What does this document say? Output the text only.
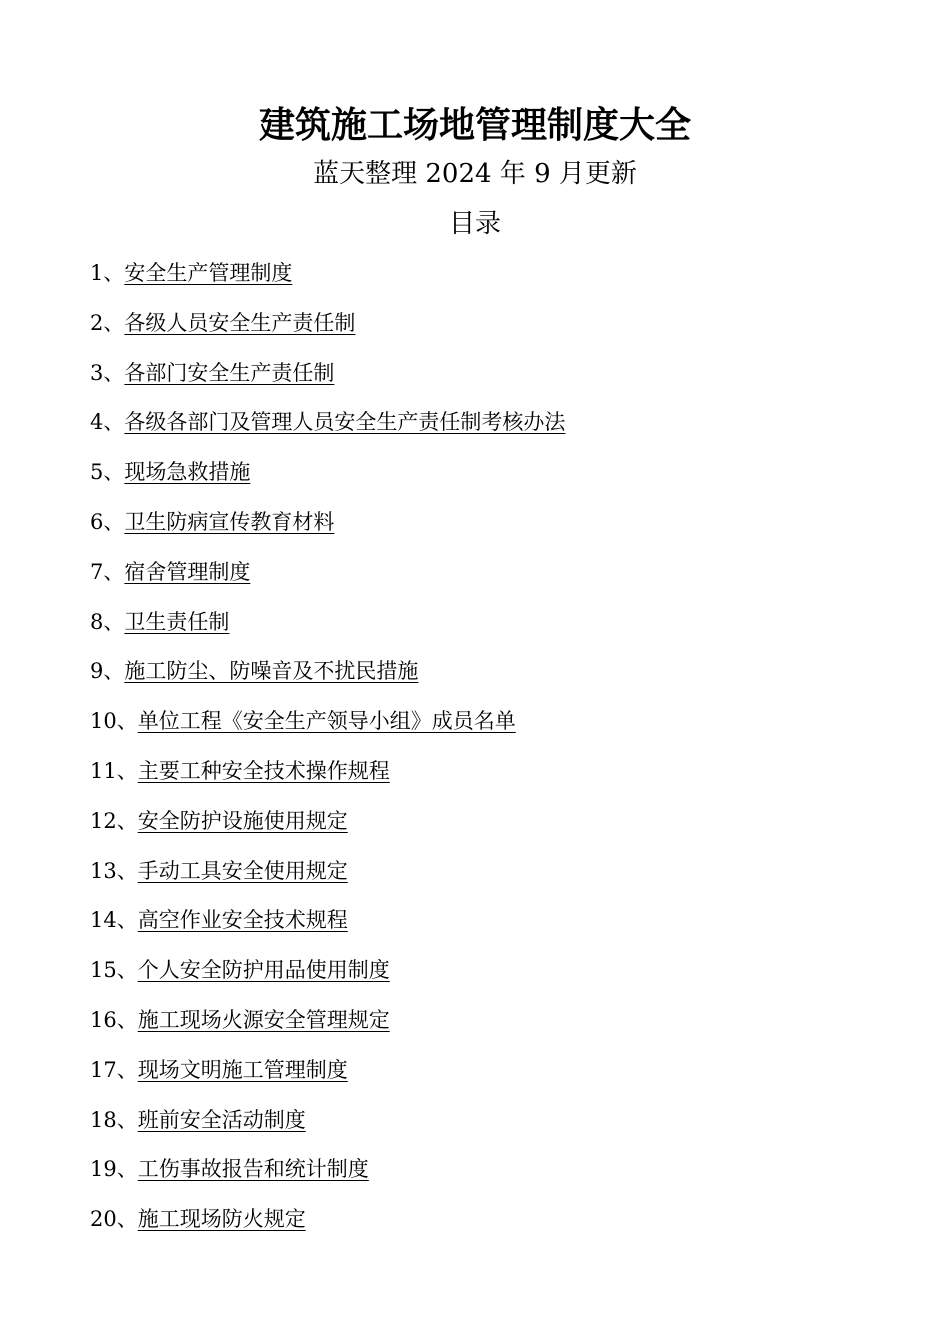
建筑施工场地管理制度大全
蓝天整理 2024 年 9 月更新
目录
1、安全生产管理制度
2、各级人员安全生产责任制
3、各部门安全生产责任制
4、各级各部门及管理人员安全生产责任制考核办法
5、现场急救措施
6、卫生防病宣传教育材料
7、宿舍管理制度
8、卫生责任制
9、施工防尘、防噪音及不扰民措施
10、单位工程《安全生产领导小组》成员名单
11、主要工种安全技术操作规程
12、安全防护设施使用规定
13、手动工具安全使用规定
14、高空作业安全技术规程
15、个人安全防护用品使用制度
16、施工现场火源安全管理规定
17、现场文明施工管理制度
18、班前安全活动制度
19、工伤事故报告和统计制度
20、施工现场防火规定
